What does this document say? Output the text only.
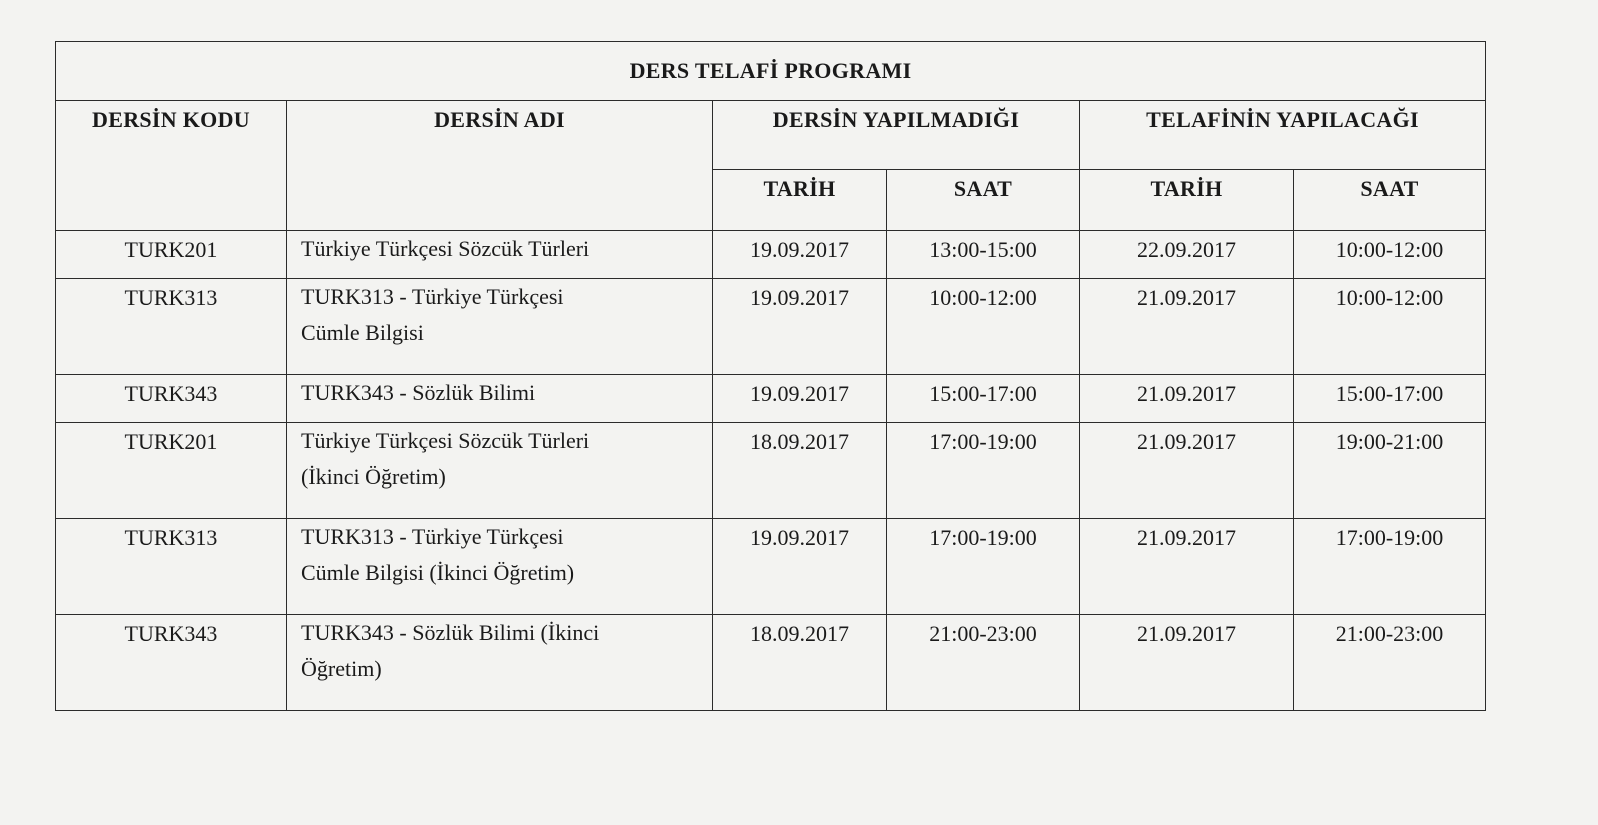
DERS TELAFİ PROGRAMI					
DERSİN KODU	DERSİN ADI	DERSİN YAPILMADIĞI		TELAFİNİN YAPILACAĞI	
		TARİH	SAAT	TARİH	SAAT
TURK201	Türkiye Türkçesi Sözcük Türleri	19.09.2017	13:00-15:00	22.09.2017	10:00-12:00
TURK313	TURK313 - Türkiye Türkçesi
Cümle Bilgisi	19.09.2017	10:00-12:00	21.09.2017	10:00-12:00
TURK343	TURK343 - Sözlük Bilimi	19.09.2017	15:00-17:00	21.09.2017	15:00-17:00
TURK201	Türkiye Türkçesi Sözcük Türleri
(İkinci Öğretim)	18.09.2017	17:00-19:00	21.09.2017	19:00-21:00
TURK313	TURK313 - Türkiye Türkçesi
Cümle Bilgisi (İkinci Öğretim)	19.09.2017	17:00-19:00	21.09.2017	17:00-19:00
TURK343	TURK343 - Sözlük Bilimi (İkinci
Öğretim)	18.09.2017	21:00-23:00	21.09.2017	21:00-23:00
